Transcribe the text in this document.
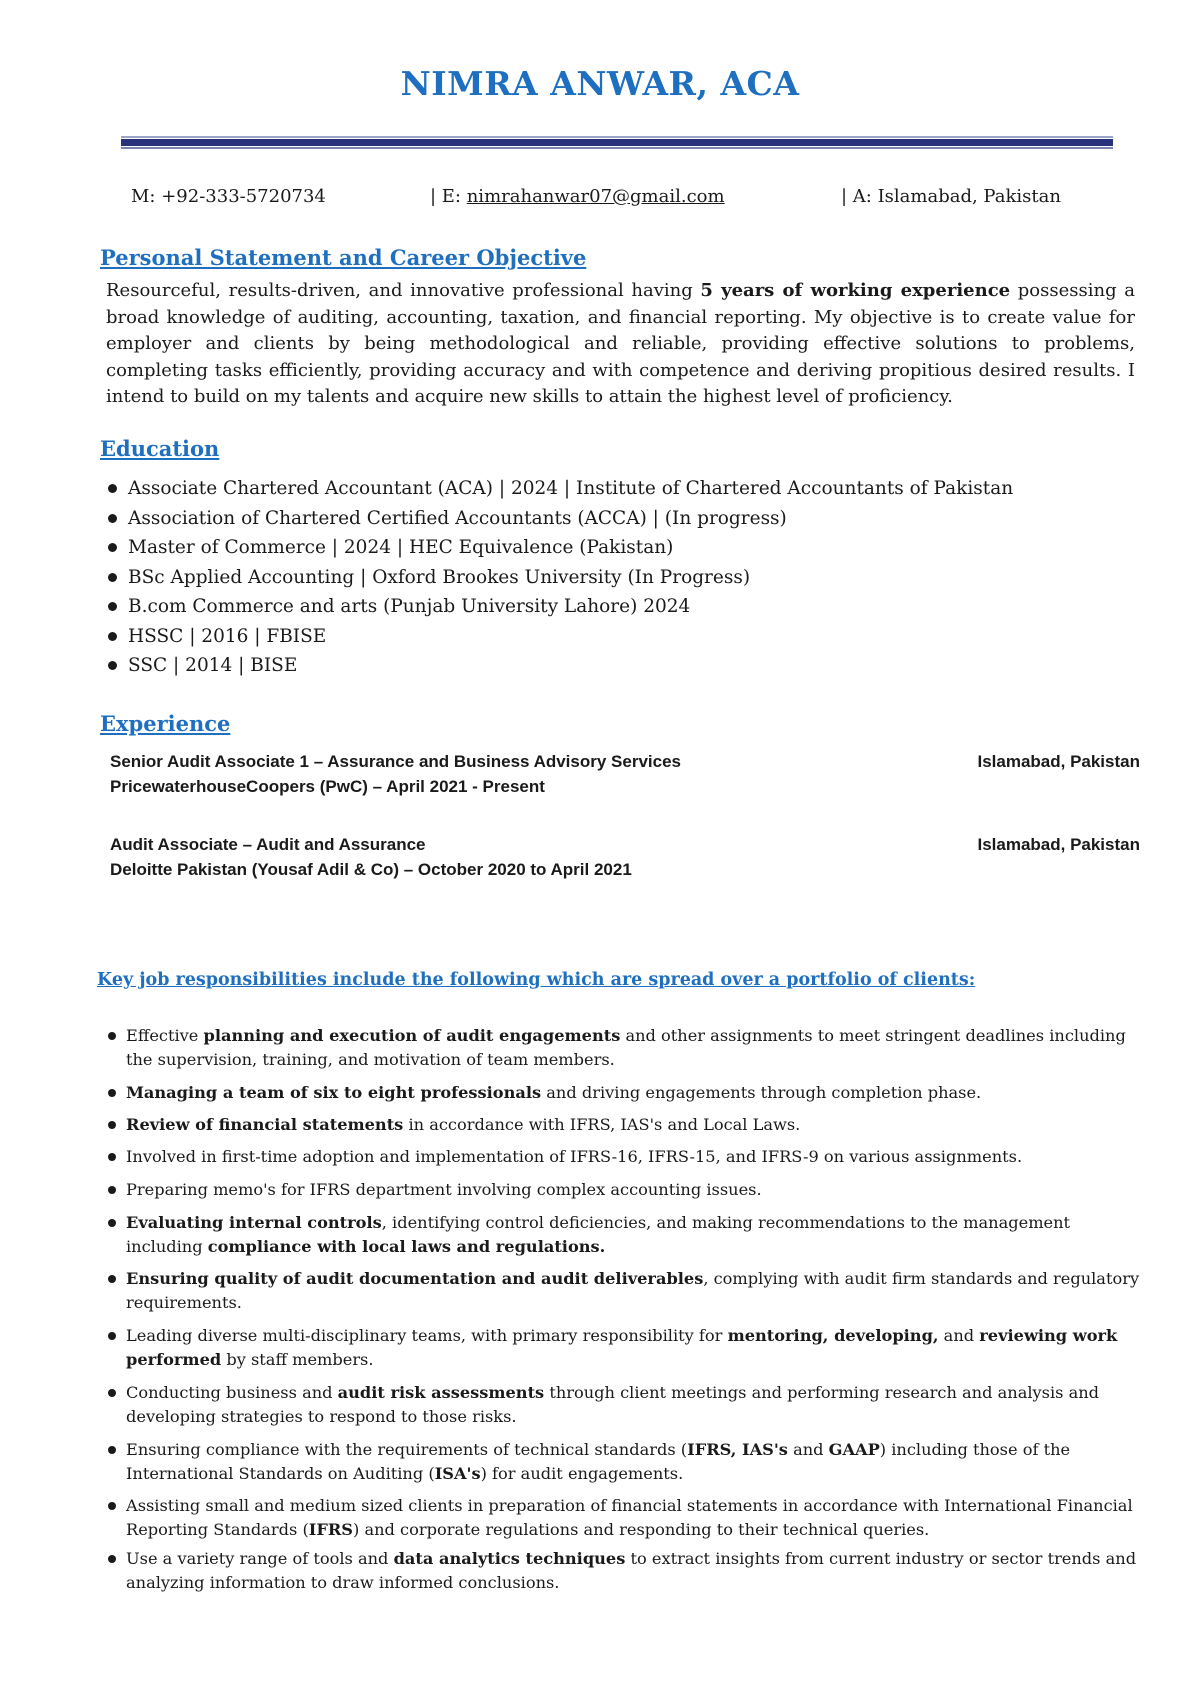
NIMRA ANWAR, ACA
M: +92-333-5720734	| E: nimrahanwar07@gmail.com	| A: Islamabad, Pakistan
Personal Statement and Career Objective
Resourceful, results-driven, and innovative professional having 5 years of working experience possessing a broad knowledge of auditing, accounting, taxation, and financial reporting. My objective is to create value for employer and clients by being methodological and reliable, providing effective solutions to problems, completing tasks efficiently, providing accuracy and with competence and deriving propitious desired results. I intend to build on my talents and acquire new skills to attain the highest level of proficiency.
Education
Associate Chartered Accountant (ACA) | 2024 | Institute of Chartered Accountants of Pakistan
Association of Chartered Certified Accountants (ACCA) | (In progress)
Master of Commerce | 2024 | HEC Equivalence (Pakistan)
BSc Applied Accounting | Oxford Brookes University (In Progress)
B.com Commerce and arts (Punjab University Lahore) 2024
HSSC | 2016 | FBISE
SSC | 2014 | BISE
Experience
Senior Audit Associate 1 – Assurance and Business Advisory Services	Islamabad, Pakistan
PricewaterhouseCoopers (PwC) – April 2021 - Present
Audit Associate – Audit and Assurance	Islamabad, Pakistan
Deloitte Pakistan (Yousaf Adil & Co) – October 2020 to April 2021
Key job responsibilities include the following which are spread over a portfolio of clients:
Effective planning and execution of audit engagements and other assignments to meet stringent deadlines including the supervision, training, and motivation of team members.
Managing a team of six to eight professionals and driving engagements through completion phase.
Review of financial statements in accordance with IFRS, IAS's and Local Laws.
Involved in first-time adoption and implementation of IFRS-16, IFRS-15, and IFRS-9 on various assignments.
Preparing memo's for IFRS department involving complex accounting issues.
Evaluating internal controls, identifying control deficiencies, and making recommendations to the management including compliance with local laws and regulations.
Ensuring quality of audit documentation and audit deliverables, complying with audit firm standards and regulatory requirements.
Leading diverse multi-disciplinary teams, with primary responsibility for mentoring, developing, and reviewing work performed by staff members.
Conducting business and audit risk assessments through client meetings and performing research and analysis and developing strategies to respond to those risks.
Ensuring compliance with the requirements of technical standards (IFRS, IAS's and GAAP) including those of the International Standards on Auditing (ISA's) for audit engagements.
Assisting small and medium sized clients in preparation of financial statements in accordance with International Financial Reporting Standards (IFRS) and corporate regulations and responding to their technical queries.
Use a variety range of tools and data analytics techniques to extract insights from current industry or sector trends and analyzing information to draw informed conclusions.
